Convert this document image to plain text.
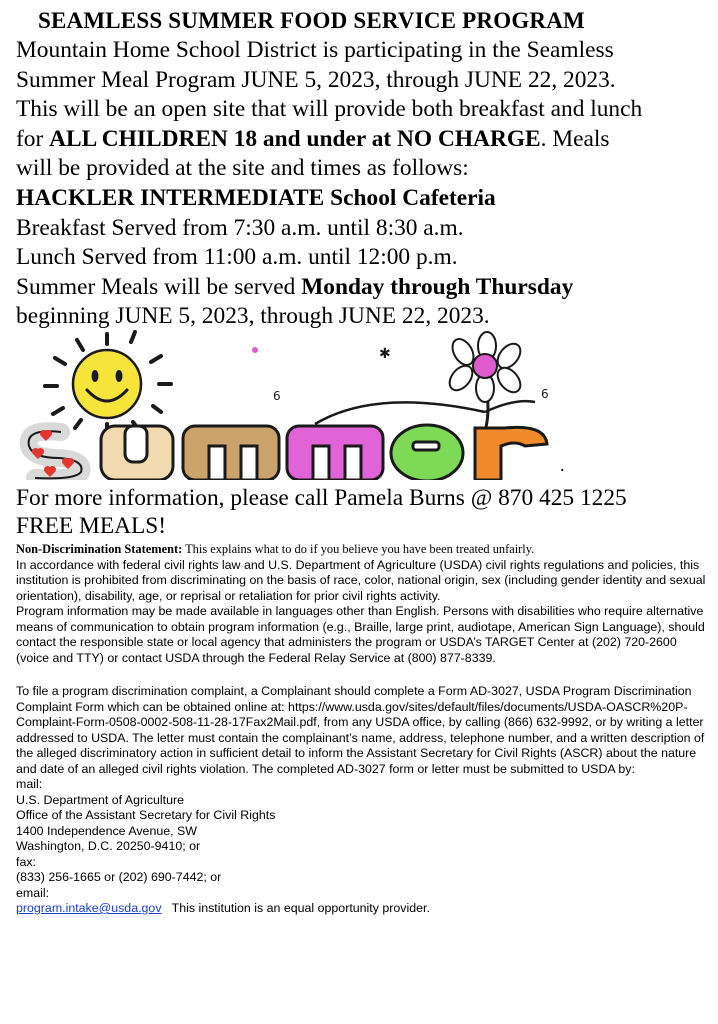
SEAMLESS SUMMER FOOD SERVICE PROGRAM

Mountain Home School District is participating in the Seamless

Summer Meal Program JUNE 5, 2023, through JUNE 22, 2023.

This will be an open site that will provide both breakfast and lunch

for ALL CHILDREN 18 and under at NO CHARGE. Meals

will be provided at the site and times as follows:

HACKLER INTERMEDIATE School Cafeteria

Breakfast Served from 7:30 a.m. until 8:30 a.m.

Lunch Served from 11:00 a.m. until 12:00 p.m.

Summer Meals will be served Monday through Thursday

beginning JUNE 5, 2023, through JUNE 22, 2023.

✱
6	6
.

For more information, please call Pamela Burns @ 870 425 1225

FREE MEALS!

Non-Discrimination Statement: This explains what to do if you believe you have been treated unfairly.

In accordance with federal civil rights law and U.S. Department of Agriculture (USDA) civil rights regulations and policies, this institution is prohibited from discriminating on the basis of race, color, national origin, sex (including gender identity and sexual orientation), disability, age, or reprisal or retaliation for prior civil rights activity.

Program information may be made available in languages other than English. Persons with disabilities who require alternative means of communication to obtain program information (e.g., Braille, large print, audiotape, American Sign Language), should contact the responsible state or local agency that administers the program or USDA’s TARGET Center at (202) 720-2600 (voice and TTY) or contact USDA through the Federal Relay Service at (800) 877-8339.

To file a program discrimination complaint, a Complainant should complete a Form AD-3027, USDA Program Discrimination Complaint Form which can be obtained online at: https://www.usda.gov/sites/default/files/documents/USDA-OASCR%20P-Complaint-Form-0508-0002-508-11-28-17Fax2Mail.pdf, from any USDA office, by calling (866) 632-9992, or by writing a letter addressed to USDA. The letter must contain the complainant’s name, address, telephone number, and a written description of the alleged discriminatory action in sufficient detail to inform the Assistant Secretary for Civil Rights (ASCR) about the nature and date of an alleged civil rights violation. The completed AD-3027 form or letter must be submitted to USDA by:

mail:

U.S. Department of Agriculture

Office of the Assistant Secretary for Civil Rights

1400 Independence Avenue, SW

Washington, D.C. 20250-9410; or

fax:

(833) 256-1665 or (202) 690-7442; or

email:

program.intake@usda.gov   This institution is an equal opportunity provider.
